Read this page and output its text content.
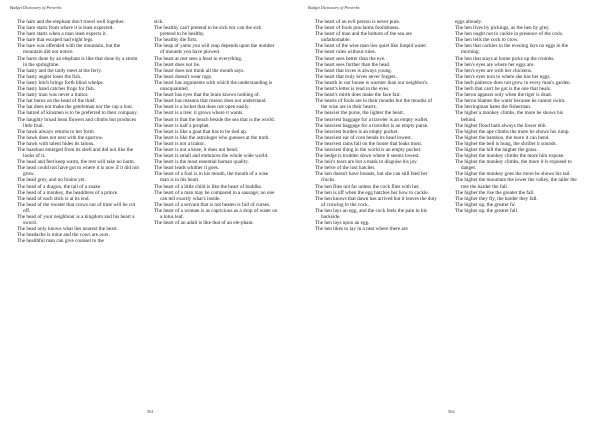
Budget Dictionary of Proverbs

The hare and the elephant don't travel well together.

The hare starts from where it is least expected.

The hare starts when a man least expects it.

The hare that escaped had eight legs.

The hare was offended with the mountain, but the mountain did not notice.

The harm done by an elephant is like that done by a storm in the springtime.

The hasty and the tardy meet at the ferry.

The hasty angler loses the fish.

The hasty bitch brings forth blind whelps.

The hasty hand catches frogs for fish.

The hasty man was never a traitor.

The hat burns on the head of the thief.

The hat does not make the gentleman nor the cap a lout.

The hatred of kinsmen is to be preferred to their company.

The haughty broad bean flowers and climbs but produces little fruit.

The hawk always returns to her form.

The hawk does not nest with the sparrow.

The hawk with talent hides its talons.

The hazelnut emerged from its shell and did not like the looks of it.

The head and feet keep warm, the rest will take no harm.

The head could not have got to where it is now if it did not grow.

The head grey, and no brains yet.

The head of a dragon, the tail of a snake.

The head of a monkey, the headdress of a prince.

The head of each stick is at its end.

The head of the rooster that crows out of time will be cut off.

The head of your neighbour is a kingdom and his heart a sword.

The head only knows what lies nearest the heart.

The headache is mine and the cows are ours.

The healthful man can give counsel to the

sick.

The healthy can't pretend to be sick nor can the sick pretend to be healthy.

The healthy die first.

The heap of yams you will reap depends upon the number of mounds you have plowed.

The heart at rest sees a feast in everything.

The heart does not lie.

The heart does not think all the mouth says.

The heart doesn't wear rags.

The heart has arguments with which the understanding is unacquainted.

The heart has eyes that the brain knows nothing of.

The heart has reasons that reason does not understand.

The heart is a locket that does not open easily.

The heart is a tree; it grows where it wants.

The heart is that the beach beside the sea that is the world.

The heart is half a prophet.

The heart is like a goat that has to be tied up.

The heart is like the astrologer who guesses at the truth.

The heart is not a traitor.

The heart is not a knee, it does not bend.

The heart is small and embraces the whole wide world.

The heart is the most essential human quality.

The heart leads whither it goes.

The heart of a fool is in his mouth, the mouth of a wise man is in his heart.

The heart of a little child is like the heart of buddha.

The heart of a man may be compared to a sausage; no one can tell exactly what's inside.

The heart of a servant that is not beaten is full of curses.

The heart of a woman is as capricious as a drop of water on a lotus leaf.

The heart of an adult is like that of an ele-phant.

561
Budget Dictionary of Proverbs

The heart of an evil person is never pure.

The heart of fools proclaims foolishness.

The heart of man and the bottom of the sea are unfathomable.

The heart of the wise man lies quiet like limpid water.

The heart rules without rules.

The heart sees better than the eye.

The heart sees further than the head.

The heart that loves is always young.

The heart that truly loves never forgets.

The hearth in our house is warmer than our neighbor's.

The heart's letter is read in the eyes.

The heart's mirth does make the face fair.

The hearts of fools are in their mouths but the mouths of the wise are in their hearts.

The heavier the purse, the lighter the heart.

The heaviest baggage for a traveler is an empty wallet.

The heaviest baggage for a traveller is an empty purse.

The heaviest burden is an empty pocket.

The heaviest ear of corn bends its head lowest.

The heaviest rains fall on the house that leaks most.

The heaviest thing in the world is an empty pocket.

The hedge is trodden down where it seems lowest.

The heir's tears are but a mask to disguise his joy.

The helve of the lost hatchet.

The hen doesn't have breasts, but she can still feed her chicks.

The hen flies not far unless the cock flies with her.

The hen is off when the egg hatches her how to cackle.

The hen knows that dawn has arrived but it leaves the duty of crowing to the cock.

The hen lays an egg, and the cock feels the pain in his backside.

The hen lays upon an egg.

The hen likes to lay in a nest where there are

eggs already.

The hen lives by pickings, as the hen by grey.

The hen ought not to cackle in presence of the cock.

The hen tells the cock to crow.

The hen that cackles in the evening lays no eggs in the morning.

The hen that stays at home picks up the crumbs.

The hen's eyes are where her eggs are.

The hen's eyes are with her chickens.

The hen's eyes turn to where she has her eggs.

The herb patience does not grow in every man's garden.

The herb that can't be got is the one that heals.

The heron appears only when the tiger is dead.

The heron blames the water because he cannot swim.

The herringman hates the fisherman.

The higher a monkey climbs, the more he shows his behind.

The higher flood hath always the lower ebb.

The higher the ape climbs the more he shows his rump.

The higher the bamboo, the more it can bend.

The higher the bell is hung, the shriller it sounds.

The higher the hill the laigher the grass.

The higher the monkey climbs the more him expose.

The higher the monkey climbs, the more it is exposed to danger.

The higher the monkey goes the more he shows his tail.

The higher the mountain the lower the valley, the taller the tree the harder the fall.

The higher the rise the greater the fall.

The higher they fly, the harder they fall.

The higher up, the greater fa'.

The higher up, the greater fall.

562
